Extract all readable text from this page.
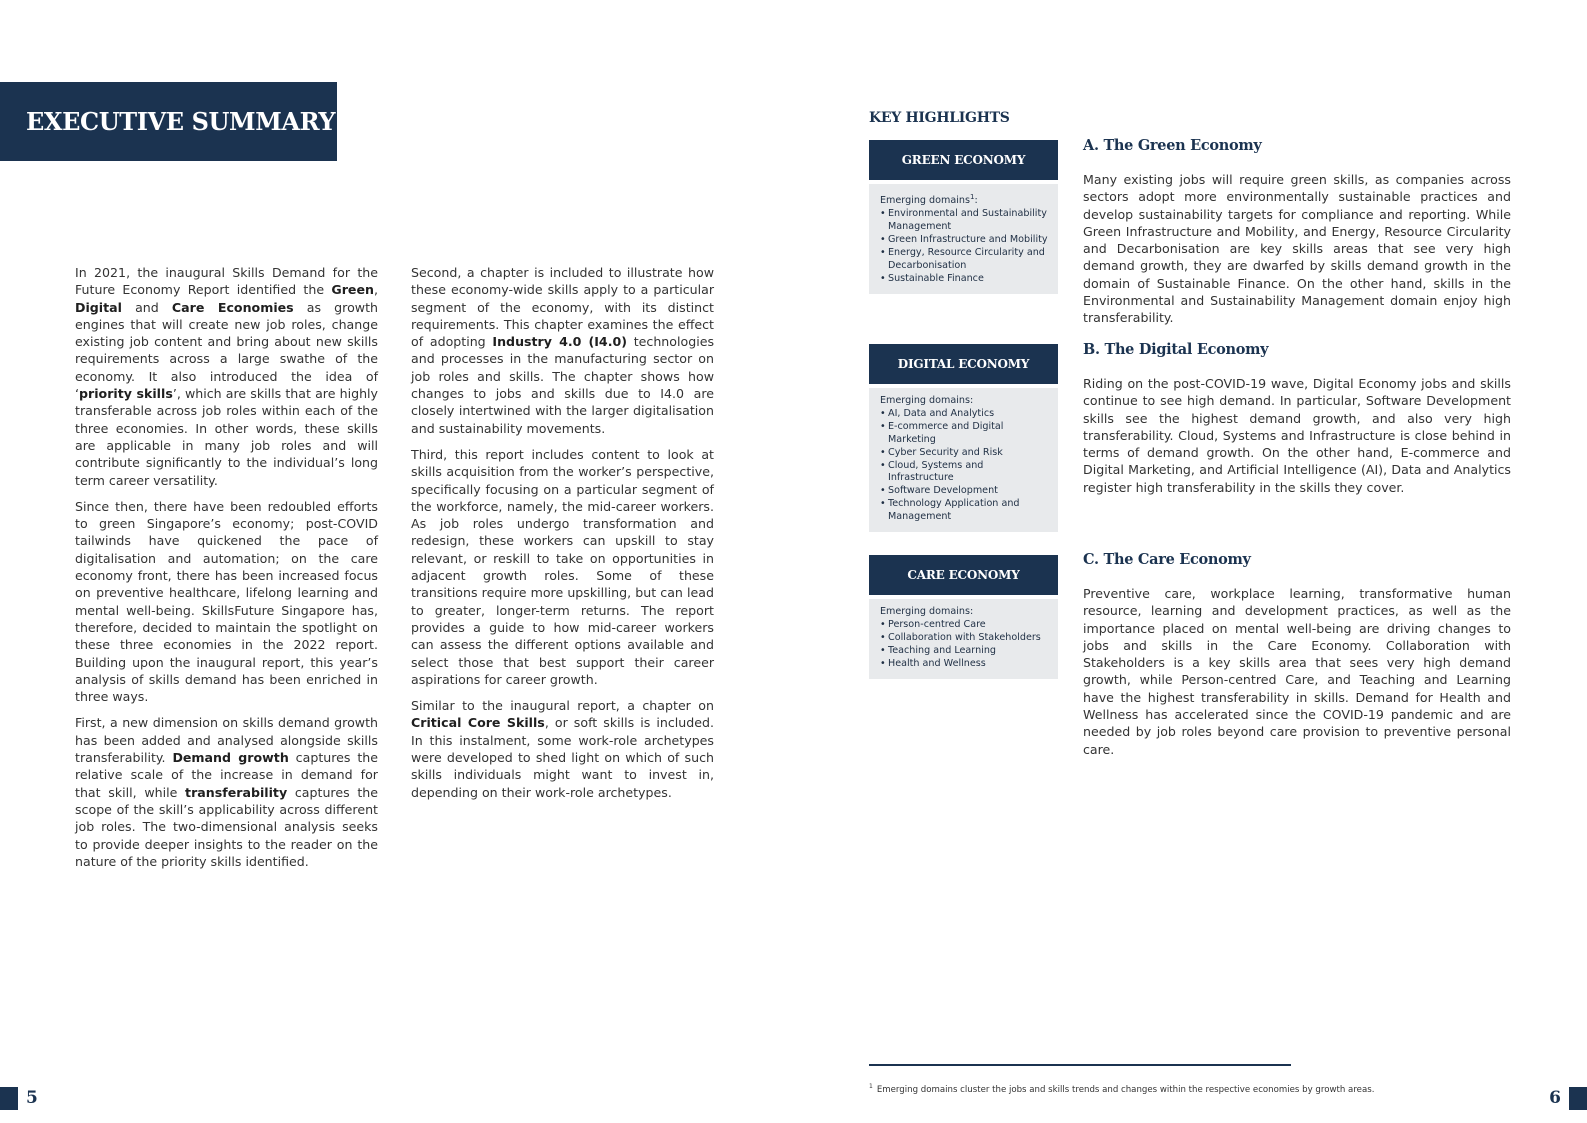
EXECUTIVE SUMMARY

In 2021, the inaugural Skills Demand for the Future Economy Report identified the Green, Digital and Care Economies as growth engines that will create new job roles, change existing job content and bring about new skills requirements across a large swathe of the economy. It also introduced the idea of ‘priority skills’, which are skills that are highly transferable across job roles within each of the three economies. In other words, these skills are applicable in many job roles and will contribute significantly to the individual’s long term career versatility.

Since then, there have been redoubled efforts to green Singapore’s economy; post-COVID tailwinds have quickened the pace of digitalisation and automation; on the care economy front, there has been increased focus on preventive healthcare, lifelong learning and mental well-being. SkillsFuture Singapore has, therefore, decided to maintain the spotlight on these three economies in the 2022 report. Building upon the inaugural report, this year’s analysis of skills demand has been enriched in three ways.

First, a new dimension on skills demand growth has been added and analysed alongside skills transferability. Demand growth captures the relative scale of the increase in demand for that skill, while transferability captures the scope of the skill’s applicability across different job roles. The two-dimensional analysis seeks to provide deeper insights to the reader on the nature of the priority skills identified.

Second, a chapter is included to illustrate how these economy-wide skills apply to a particular segment of the economy, with its distinct requirements. This chapter examines the effect of adopting Industry 4.0 (I4.0) technologies and processes in the manufacturing sector on job roles and skills. The chapter shows how changes to jobs and skills due to I4.0 are closely intertwined with the larger digitalisation and sustainability movements.

Third, this report includes content to look at skills acquisition from the worker’s perspective, specifically focusing on a particular segment of the workforce, namely, the mid-career workers. As job roles undergo transformation and redesign, these workers can upskill to stay relevant, or reskill to take on opportunities in adjacent growth roles. Some of these transitions require more upskilling, but can lead to greater, longer-term returns. The report provides a guide to how mid-career workers can assess the different options available and select those that best support their career aspirations for career growth.

Similar to the inaugural report, a chapter on Critical Core Skills, or soft skills is included. In this instalment, some work-role archetypes were developed to shed light on which of such skills individuals might want to invest in, depending on their work-role archetypes.

KEY HIGHLIGHTS
GREEN ECONOMY
Emerging domains$^1$:
• Environmental and Sustainability Management
• Green Infrastructure and Mobility
• Energy, Resource Circularity and Decarbonisation
• Sustainable Finance
DIGITAL ECONOMY
Emerging domains:
• AI, Data and Analytics
• E-commerce and Digital Marketing
• Cyber Security and Risk
• Cloud, Systems and Infrastructure
• Software Development
• Technology Application and Management
CARE ECONOMY
Emerging domains:
• Person-centred Care
• Collaboration with Stakeholders
• Teaching and Learning
• Health and Wellness
A. The Green Economy
Many existing jobs will require green skills, as companies across sectors adopt more environmentally sustainable practices and develop sustainability targets for compliance and reporting. While Green Infrastructure and Mobility, and Energy, Resource Circularity and Decarbonisation are key skills areas that see very high demand growth, they are dwarfed by skills demand growth in the domain of Sustainable Finance. On the other hand, skills in the Environmental and Sustainability Management domain enjoy high transferability.
B. The Digital Economy
Riding on the post-COVID-19 wave, Digital Economy jobs and skills continue to see high demand. In particular, Software Development skills see the highest demand growth, and also very high transferability. Cloud, Systems and Infrastructure is close behind in terms of demand growth. On the other hand, E-commerce and Digital Marketing, and Artificial Intelligence (AI), Data and Analytics register high transferability in the skills they cover.
C. The Care Economy
Preventive care, workplace learning, transformative human resource, learning and development practices, as well as the importance placed on mental well-being are driving changes to jobs and skills in the Care Economy. Collaboration with Stakeholders is a key skills area that sees very high demand growth, while Person-centred Care, and Teaching and Learning have the highest transferability in skills. Demand for Health and Wellness has accelerated since the COVID-19 pandemic and are needed by job roles beyond care provision to preventive personal care.
$^1$ Emerging domains cluster the jobs and skills trends and changes within the respective economies by growth areas.
5	6
